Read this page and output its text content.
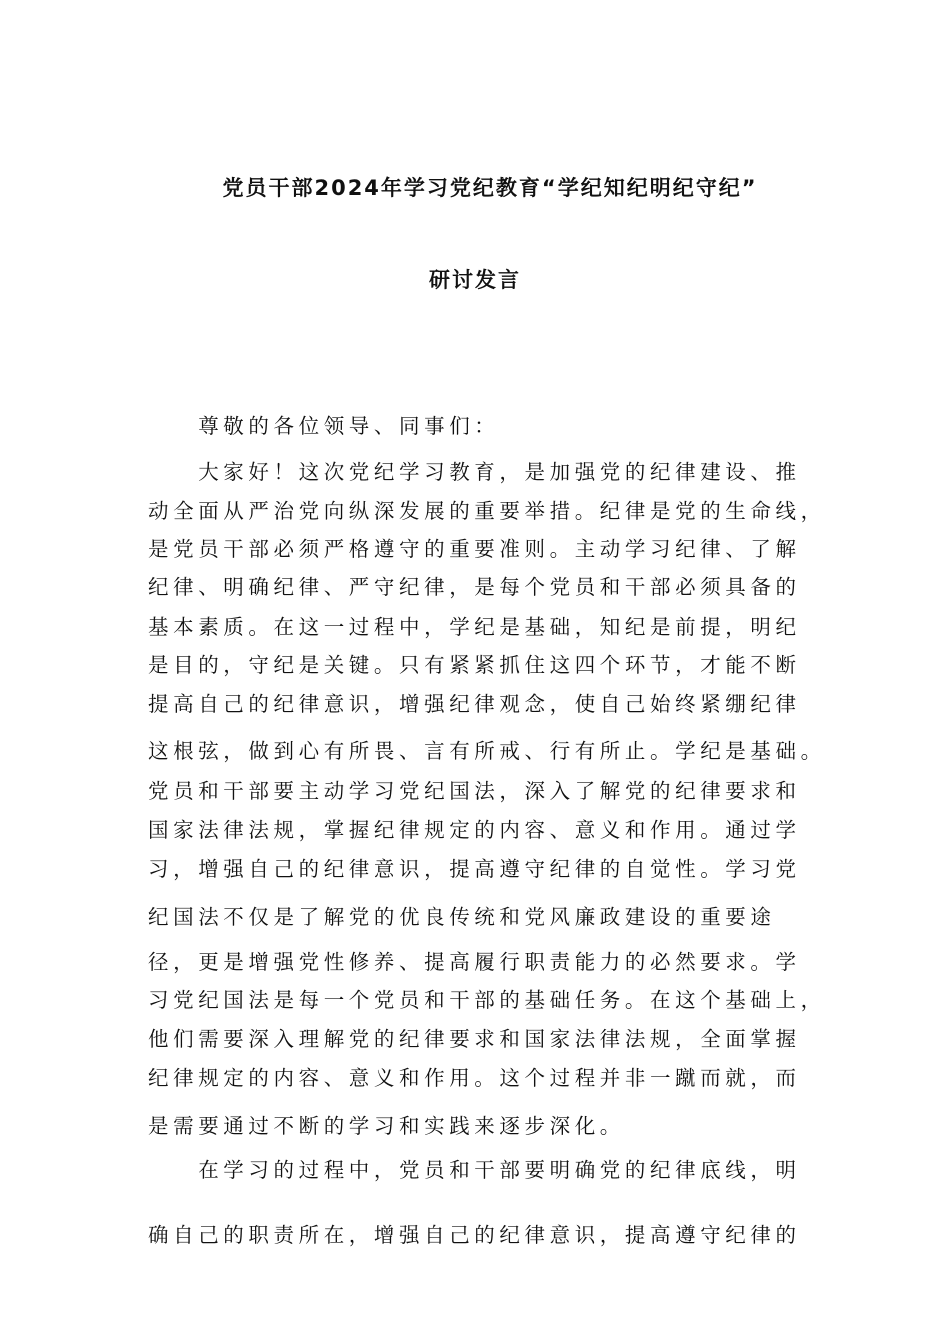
党员干部2024年学习党纪教育“学纪知纪明纪守纪”
研讨发言

　　尊敬的各位领导、同事们：

　　大家好！这次党纪学习教育，是加强党的纪律建设、推

动全面从严治党向纵深发展的重要举措。纪律是党的生命线，

是党员干部必须严格遵守的重要准则。主动学习纪律、了解

纪律、明确纪律、严守纪律，是每个党员和干部必须具备的

基本素质。在这一过程中，学纪是基础，知纪是前提，明纪

是目的，守纪是关键。只有紧紧抓住这四个环节，才能不断

提高自己的纪律意识，增强纪律观念，使自己始终紧绷纪律

这根弦，做到心有所畏、言有所戒、行有所止。学纪是基础。

党员和干部要主动学习党纪国法，深入了解党的纪律要求和

国家法律法规，掌握纪律规定的内容、意义和作用。通过学

习，增强自己的纪律意识，提高遵守纪律的自觉性。学习党

纪国法不仅是了解党的优良传统和党风廉政建设的重要途

径，更是增强党性修养、提高履行职责能力的必然要求。学

习党纪国法是每一个党员和干部的基础任务。在这个基础上，

他们需要深入理解党的纪律要求和国家法律法规，全面掌握

纪律规定的内容、意义和作用。这个过程并非一蹴而就，而

是需要通过不断的学习和实践来逐步深化。

　　在学习的过程中，党员和干部要明确党的纪律底线，明

确自己的职责所在，增强自己的纪律意识，提高遵守纪律的
